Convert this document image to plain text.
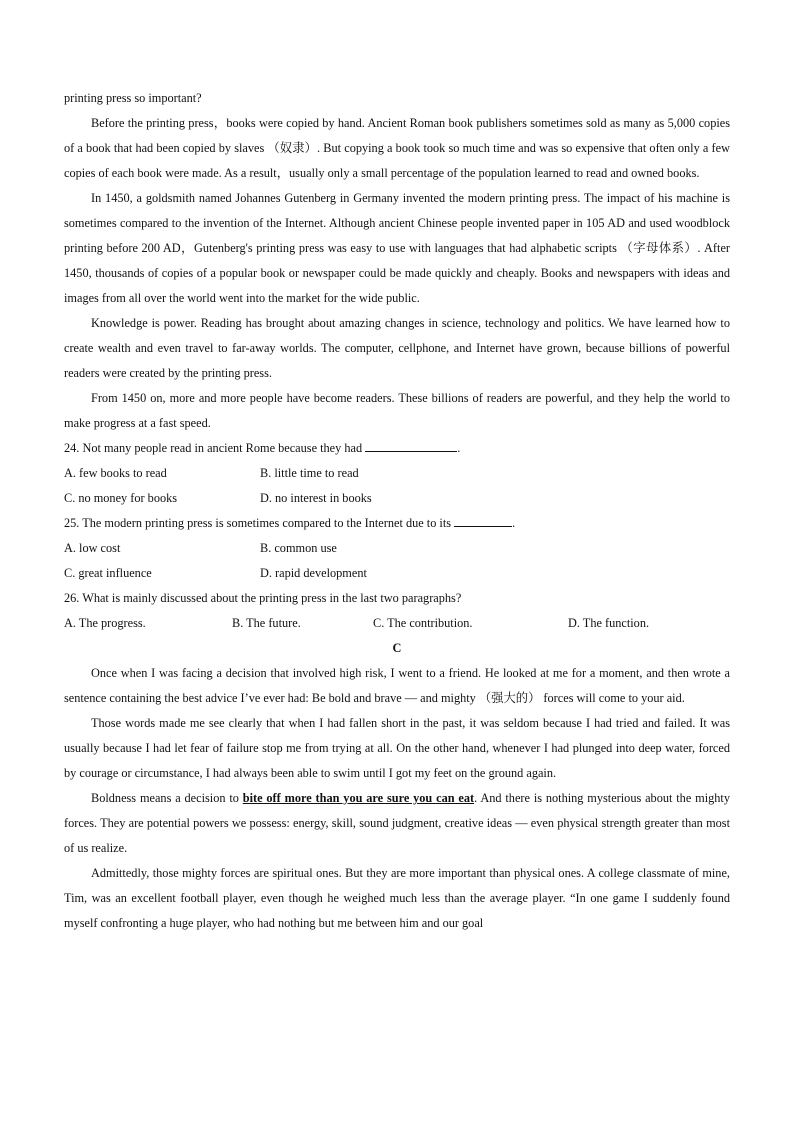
printing press so important?

Before the printing press，books were copied by hand. Ancient Roman book publishers sometimes sold as many as 5,000 copies of a book that had been copied by slaves （奴隶）. But copying a book took so much time and was so expensive that often only a few copies of each book were made. As a result，usually only a small percentage of the population learned to read and owned books.

In 1450, a goldsmith named Johannes Gutenberg in Germany invented the modern printing press. The impact of his machine is sometimes compared to the invention of the Internet. Although ancient Chinese people invented paper in 105 AD and used woodblock printing before 200 AD，Gutenberg's printing press was easy to use with languages that had alphabetic scripts （字母体系）. After 1450, thousands of copies of a popular book or newspaper could be made quickly and cheaply. Books and newspapers with ideas and images from all over the world went into the market for the wide public.

Knowledge is power. Reading has brought about amazing changes in science, technology and politics. We have learned how to create wealth and even travel to far-away worlds. The computer, cellphone, and Internet have grown, because billions of powerful readers were created by the printing press.

From 1450 on, more and more people have become readers. These billions of readers are powerful, and they help the world to make progress at a fast speed.

24. Not many people read in ancient Rome because they had	.

A. few books to read	B. little time to read
C. no money for books	D. no interest in books

25. The modern printing press is sometimes compared to the Internet due to its	.

A. low cost	B. common use
C. great influence	D. rapid development

26. What is mainly discussed about the printing press in the last two paragraphs?

A. The progress.	B. The future.	C. The contribution.	D. The function.

C

Once when I was facing a decision that involved high risk, I went to a friend. He looked at me for a moment, and then wrote a sentence containing the best advice I’ve ever had: Be bold and brave — and mighty （强大的） forces will come to your aid.

Those words made me see clearly that when I had fallen short in the past, it was seldom because I had tried and failed. It was usually because I had let fear of failure stop me from trying at all. On the other hand, whenever I had plunged into deep water, forced by courage or circumstance, I had always been able to swim until I got my feet on the ground again.

Boldness means a decision to bite off more than you are sure you can eat. And there is nothing mysterious about the mighty forces. They are potential powers we possess: energy, skill, sound judgment, creative ideas — even physical strength greater than most of us realize.

Admittedly, those mighty forces are spiritual ones. But they are more important than physical ones. A college classmate of mine, Tim, was an excellent football player, even though he weighed much less than the average player. “In one game I suddenly found myself confronting a huge player, who had nothing but me between him and our goal
